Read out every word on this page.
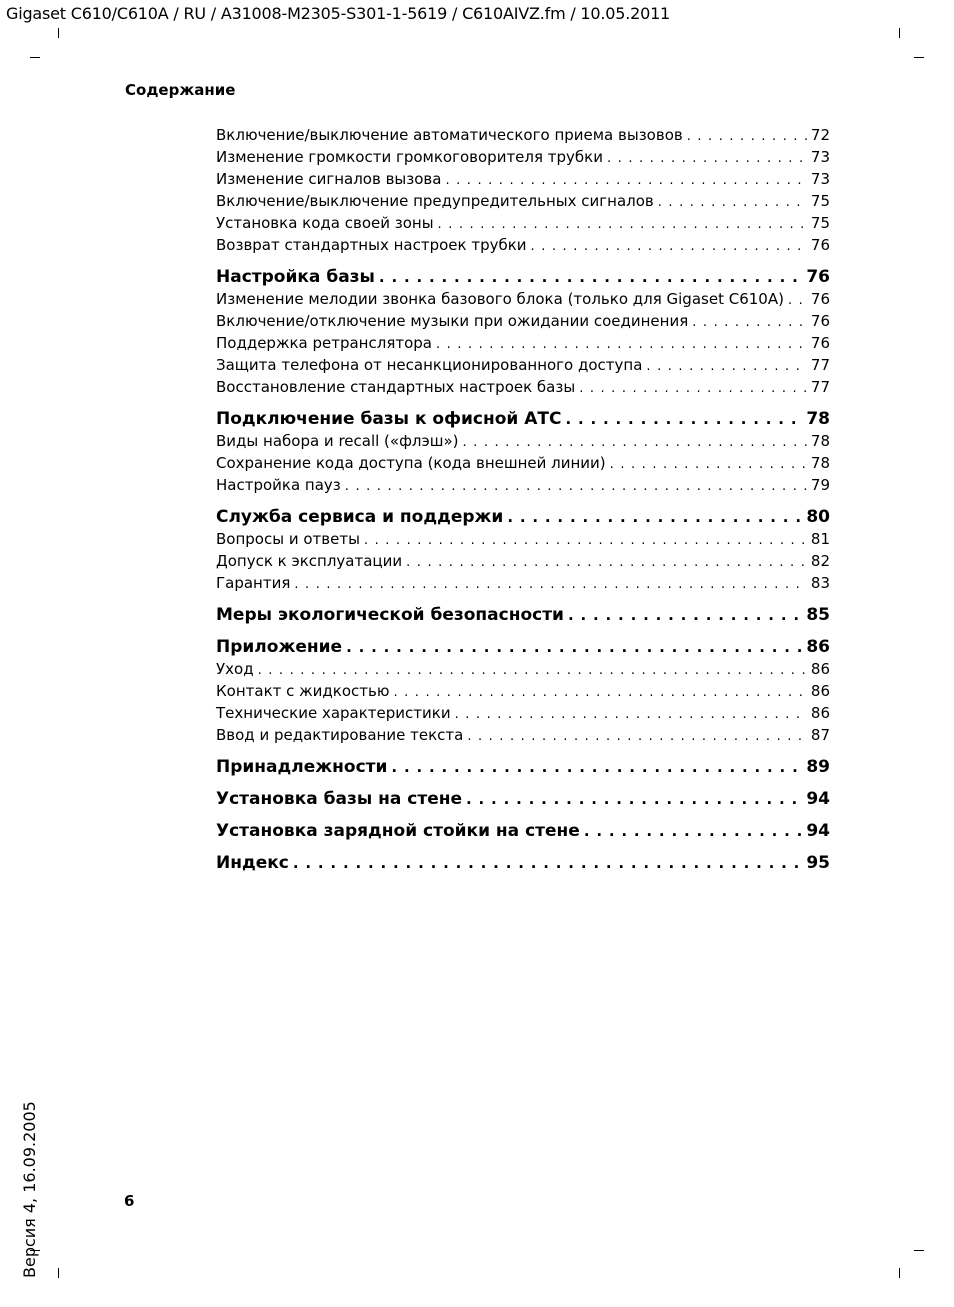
Gigaset C610/C610A / RU / A31008-M2305-S301-1-5619 / C610AIVZ.fm / 10.05.2011
Содержание
Включение/выключение автоматического приема вызовов . . .	72
Изменение громкости громкоговорителя трубки . . .	73
Изменение сигналов вызова . . .	73
Включение/выключение предупредительных сигналов . . .	75
Установка кода своей зоны . . .	75
Возврат стандартных настроек трубки . . .	76
Настройка базы . . .	76
Изменение мелодии звонка базового блока (только для Gigaset C610A) . . . 76
Включение/отключение музыки при ожидании соединения . . .	76
Поддержка ретранслятора . . .	76
Защита телефона от несанкционированного доступа . . .	77
Восстановление стандартных настроек базы . . .	77
Подключение базы к офисной АТС . . .	78
Виды набора и recall («флэш») . . .	78
Сохранение кода доступа (кода внешней линии) . . .	78
Настройка пауз . . .	79
Служба сервиса и поддержи . . .	80
Вопросы и ответы . . .	81
Допуск к эксплуатации . . .	82
Гарантия . . .	83
Меры экологической безопасности . . .	85
Приложение . . .	86
Уход . . .	86
Контакт с жидкостью . . .	86
Технические характеристики . . .	86
Ввод и редактирование текста . . .	87
Принадлежности . . .	89
Установка базы на стене . . .	94
Установка зарядной стойки на стене . . .	94
Индекс . . .	95
6
Версия 4, 16.09.2005
